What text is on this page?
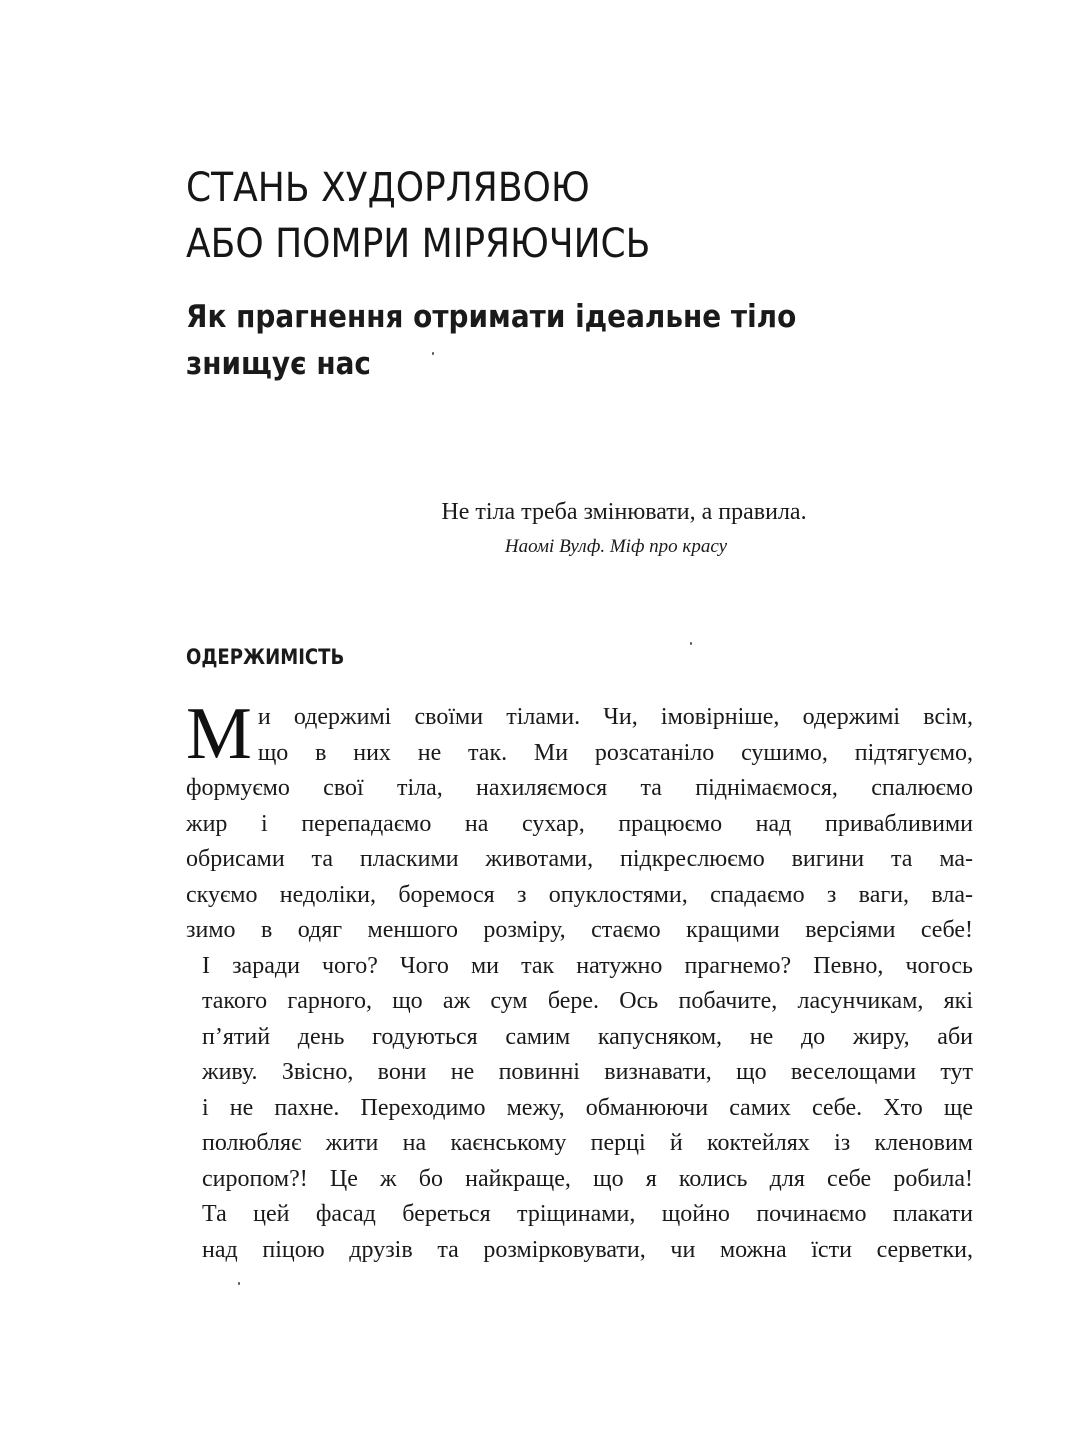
СТАНЬ ХУДОРЛЯВОЮ
АБО ПОМРИ МІРЯЮЧИСЬ
Як прагнення отримати ідеальне тіло
знищує нас

Не тіла треба змінювати, а правила.

Наомі Вулф. Міф про красу

ОДЕРЖИМІСТЬ

М и одержимі своїми тілами. Чи, імовірніше, одержимі всім,
що в них не так. Ми розсатаніло сушимо, підтягуємо,
формуємо свої тіла, нахиляємося та піднімаємося, спалюємо
жир і перепадаємо на сухар, працюємо над привабливими
обрисами та пласкими животами, підкреслюємо вигини та ма-
скуємо недоліки, боремося з опуклостями, спадаємо з ваги, вла-
зимо в одяг меншого розміру, стаємо кращими версіями себе!

І заради чого? Чого ми так натужно прагнемо? Певно, чогось
такого гарного, що аж сум бере. Ось побачите, ласунчикам, які
п’ятий день годуються самим капусняком, не до жиру, аби
живу. Звісно, вони не повинні визнавати, що веселощами тут
і не пахне. Переходимо межу, обманюючи самих себе. Хто ще
полюбляє жити на каєнському перці й коктейлях із кленовим
сиропом?! Це ж бо найкраще, що я колись для себе робила!
Та цей фасад береться тріщинами, щойно починаємо плакати
над піцою друзів та розмірковувати, чи можна їсти серветки,
